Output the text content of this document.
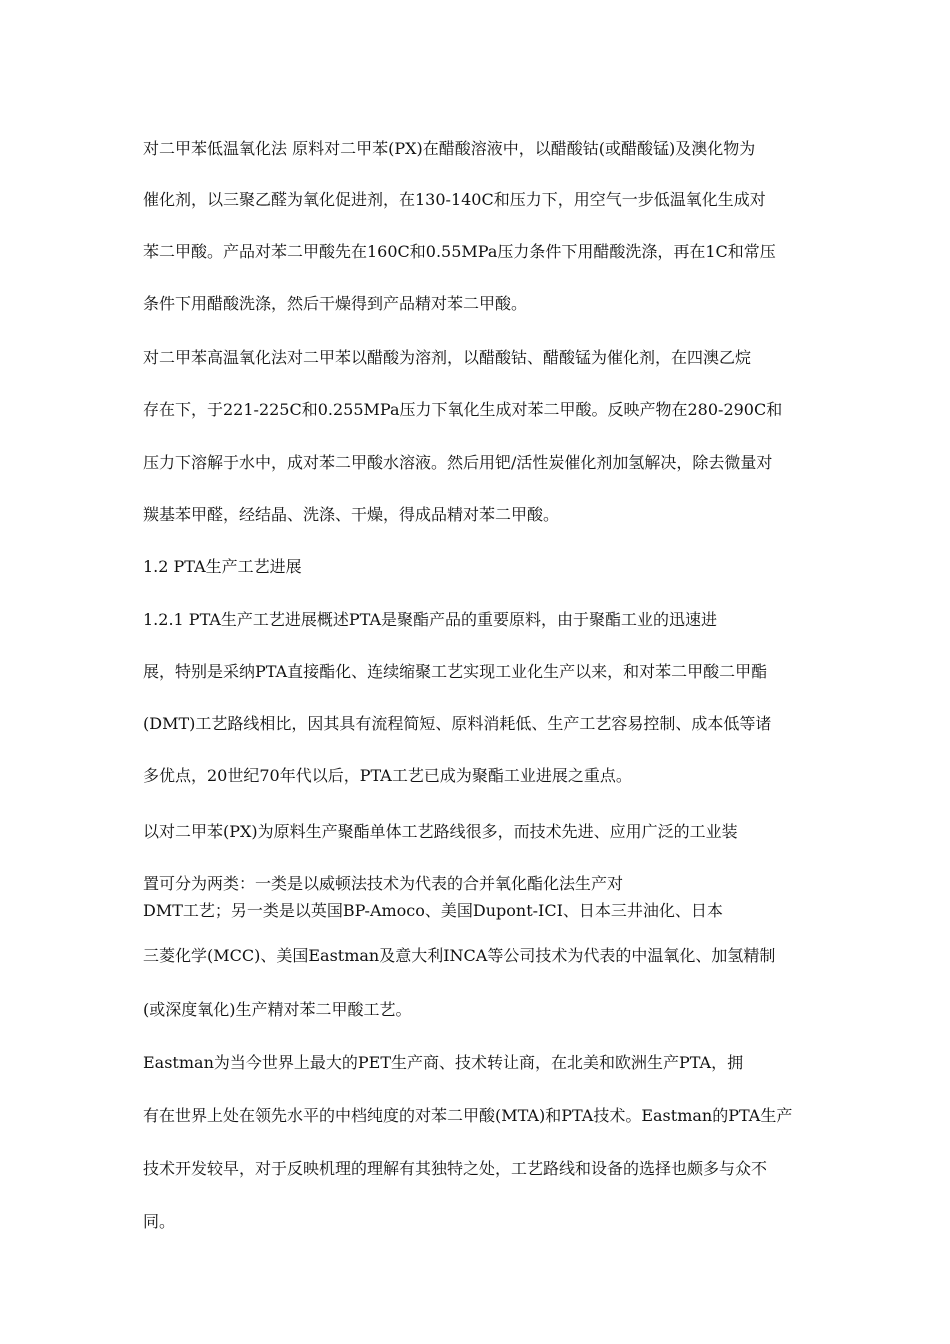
对二甲苯低温氧化法 原料对二甲苯(PX)在醋酸溶液中，以醋酸钴(或醋酸锰)及澳化物为
催化剂，以三聚乙醛为氧化促进剂，在130-140C和压力下，用空气一步低温氧化生成对
苯二甲酸。产品对苯二甲酸先在160C和0.55MPa压力条件下用醋酸洗涤，再在1C和常压
条件下用醋酸洗涤，然后干燥得到产品精对苯二甲酸。
对二甲苯高温氧化法对二甲苯以醋酸为溶剂，以醋酸钴、醋酸锰为催化剂，在四澳乙烷
存在下，于221-225C和0.255MPa压力下氧化生成对苯二甲酸。反映产物在280-290C和
压力下溶解于水中，成对苯二甲酸水溶液。然后用钯/活性炭催化剂加氢解决，除去微量对
羰基苯甲醛，经结晶、洗涤、干燥，得成品精对苯二甲酸。
1.2 PTA生产工艺进展
1.2.1 PTA生产工艺进展概述PTA是聚酯产品的重要原料，由于聚酯工业的迅速进
展，特别是采纳PTA直接酯化、连续缩聚工艺实现工业化生产以来，和对苯二甲酸二甲酯
(DMT)工艺路线相比，因其具有流程简短、原料消耗低、生产工艺容易控制、成本低等诸
多优点，20世纪70年代以后，PTA工艺已成为聚酯工业进展之重点。
以对二甲苯(PX)为原料生产聚酯单体工艺路线很多，而技术先进、应用广泛的工业装
置可分为两类：一类是以威顿法技术为代表的合并氧化酯化法生产对
DMT工艺；另一类是以英国BP-Amoco、美国Dupont-ICI、日本三井油化、日本
三菱化学(MCC)、美国Eastman及意大利INCA等公司技术为代表的中温氧化、加氢精制
(或深度氧化)生产精对苯二甲酸工艺。
Eastman为当今世界上最大的PET生产商、技术转让商，在北美和欧洲生产PTA，拥
有在世界上处在领先水平的中档纯度的对苯二甲酸(MTA)和PTA技术。Eastman的PTA生产
技术开发较早，对于反映机理的理解有其独特之处，工艺路线和设备的选择也颇多与众不
同。
